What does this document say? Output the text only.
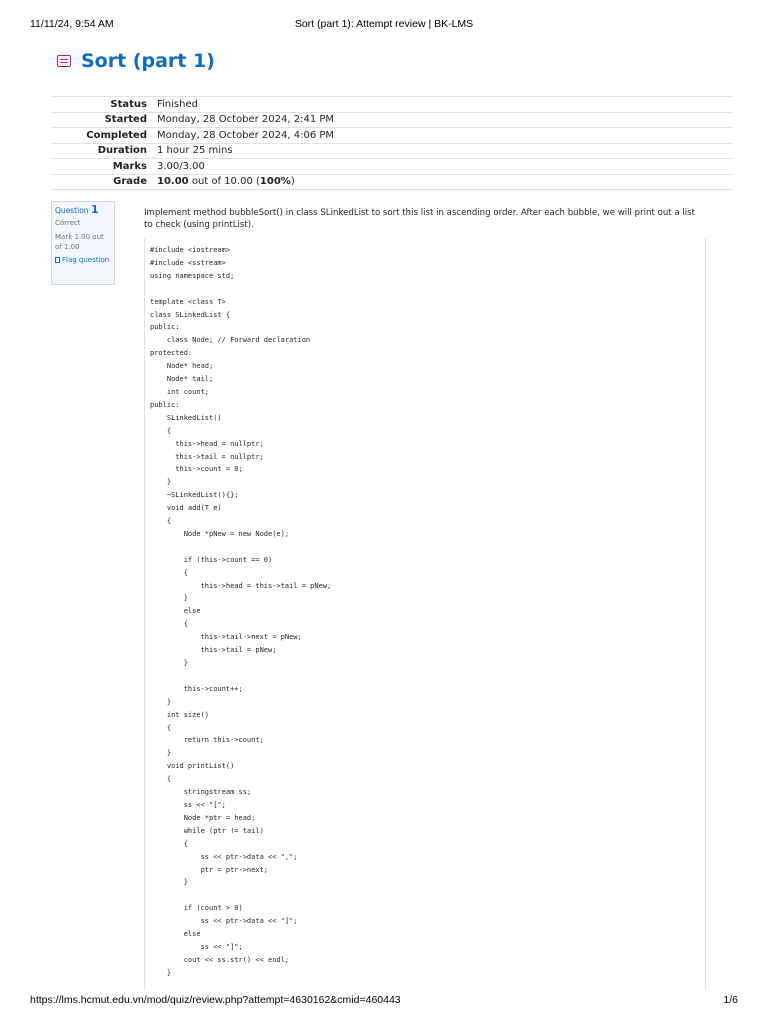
11/11/24, 9:54 AM	Sort (part 1): Attempt review | BK-LMS
Sort (part 1)
Status	Finished
Started	Monday, 28 October 2024, 2:41 PM
Completed	Monday, 28 October 2024, 4:06 PM
Duration	1 hour 25 mins
Marks	3.00/3.00
Grade	10.00 out of 10.00 (100%)
Question 1
Correct
Mark 1.00 out of 1.00
Flag question
Implement method bubbleSort() in class SLinkedList to sort this list in ascending order. After each bubble, we will print out a list to check (using printList).
#include <iostream>
#include <sstream>
using namespace std;

template <class T>
class SLinkedList {
public:
class Node; // Forward declaration
protected:
Node* head;
Node* tail;
int count;
public:
SLinkedList()
{
this->head = nullptr;
this->tail = nullptr;
this->count = 0;
}
~SLinkedList(){};
void add(T e)
{
Node *pNew = new Node(e);

if (this->count == 0)
{
this->head = this->tail = pNew;
}
else
{
this->tail->next = pNew;
this->tail = pNew;
}

this->count++;
}
int size()
{
return this->count;
}
void printList()
{
stringstream ss;
ss << "[";
Node *ptr = head;
while (ptr != tail)
{
ss << ptr->data << ",";
ptr = ptr->next;
}

if (count > 0)
ss << ptr->data << "]";
else
ss << "]";
cout << ss.str() << endl;
}
https://lms.hcmut.edu.vn/mod/quiz/review.php?attempt=4630162&cmid=460443	1/6
